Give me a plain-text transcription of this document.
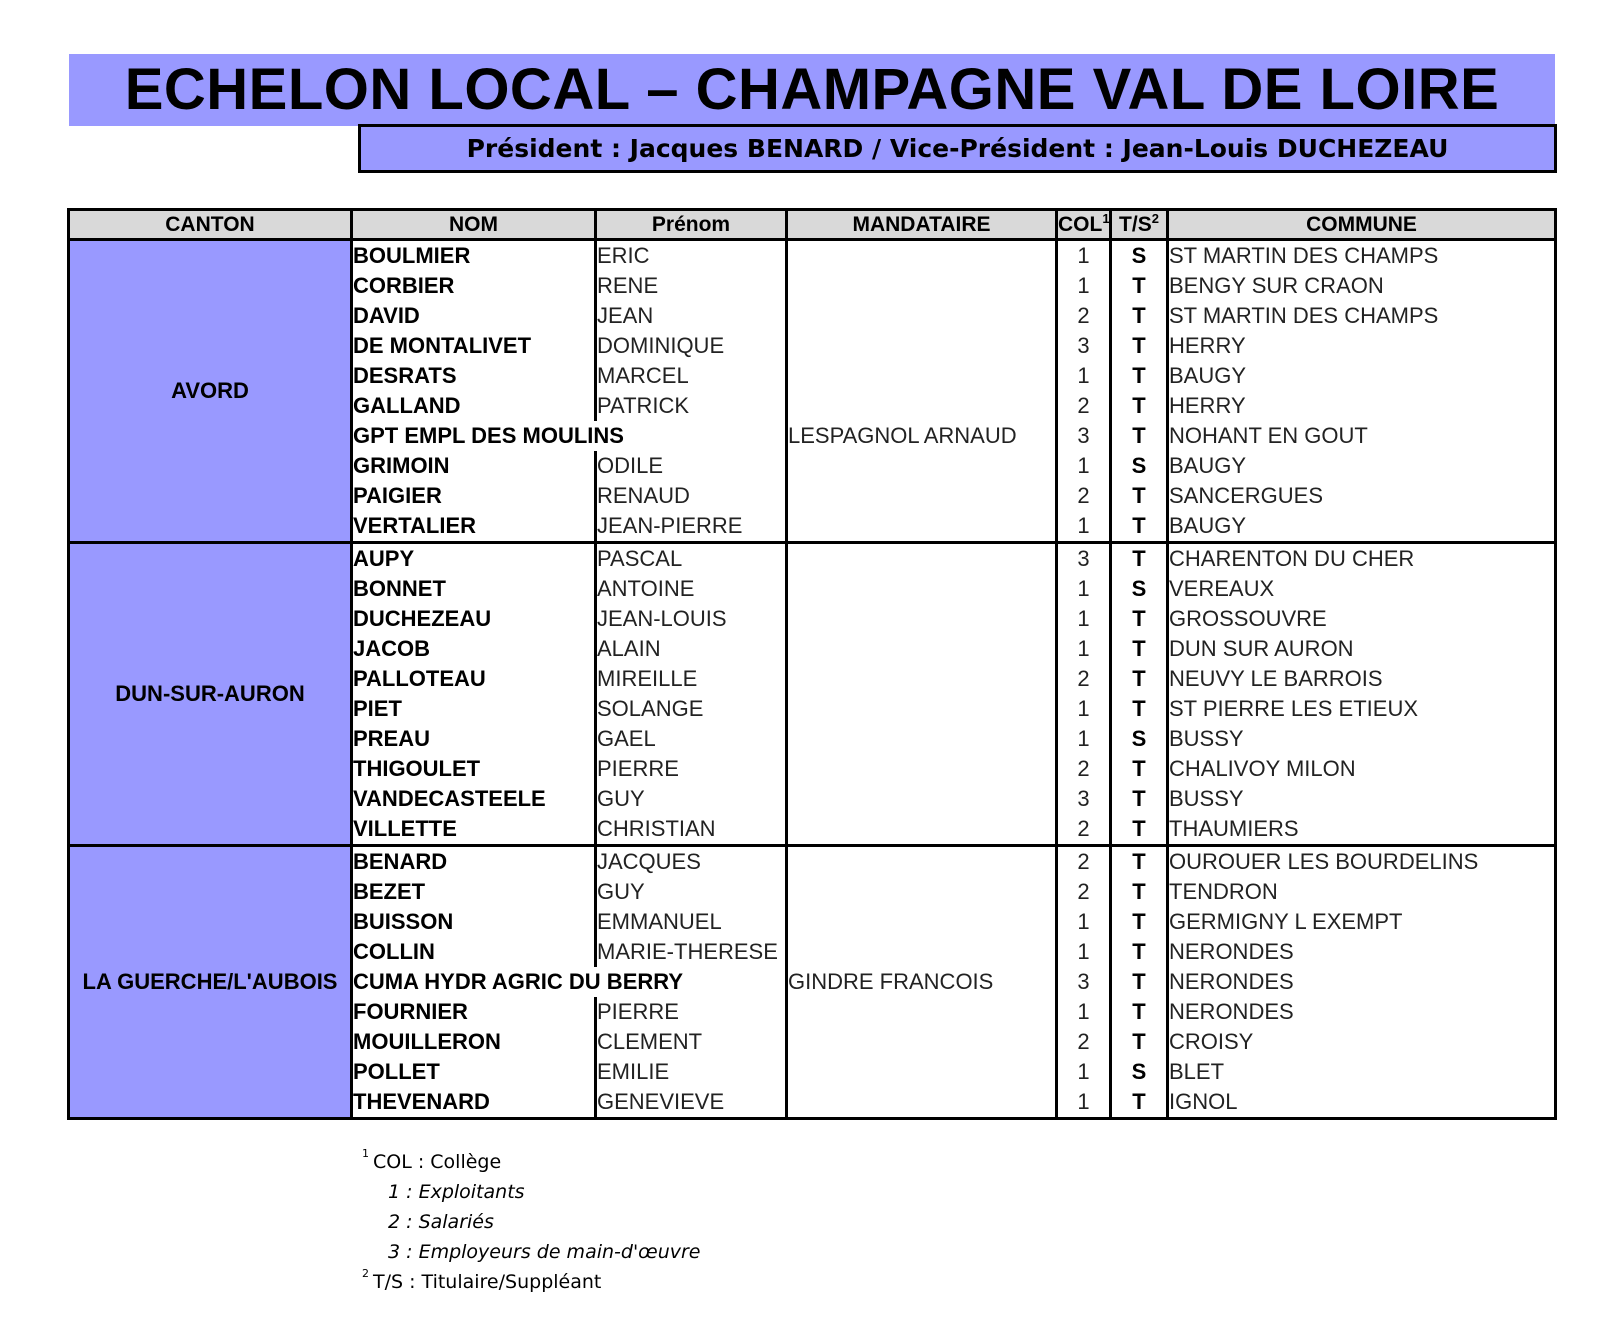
ECHELON LOCAL – CHAMPAGNE VAL DE LOIRE
Président : Jacques BENARD / Vice-Président : Jean-Louis DUCHEZEAU
CANTON	NOM	Prénom	MANDATAIRE	COL$^1$	$T/S^2$	COMMUNE
AVORD	BOULMIER	ERIC		1	S	ST MARTIN DES CHAMPS
	CORBIER	RENE		1	T	BENGY SUR CRAON
	DAVID	JEAN		2	T	ST MARTIN DES CHAMPS
	DE MONTALIVET	DOMINIQUE		3	T	HERRY
	DESRATS	MARCEL		1	T	BAUGY
	GALLAND	PATRICK		2	T	HERRY
	GPT EMPL DES MOULINS		LESPAGNOL ARNAUD	3	T	NOHANT EN GOUT
	GRIMOIN	ODILE		1	S	BAUGY
	PAIGIER	RENAUD		2	T	SANCERGUES
	VERTALIER	JEAN-PIERRE		1	T	BAUGY
DUN-SUR-AURON	AUPY	PASCAL		3	T	CHARENTON DU CHER
	BONNET	ANTOINE		1	S	VEREAUX
	DUCHEZEAU	JEAN-LOUIS		1	T	GROSSOUVRE
	JACOB	ALAIN		1	T	DUN SUR AURON
	PALLOTEAU	MIREILLE		2	T	NEUVY LE BARROIS
	PIET	SOLANGE		1	T	ST PIERRE LES ETIEUX
	PREAU	GAEL		1	S	BUSSY
	THIGOULET	PIERRE		2	T	CHALIVOY MILON
	VANDECASTEELE	GUY		3	T	BUSSY
	VILLETTE	CHRISTIAN		2	T	THAUMIERS
LA GUERCHE/L'AUBOIS	BENARD	JACQUES		2	T	OUROUER LES BOURDELINS
	BEZET	GUY		2	T	TENDRON
	BUISSON	EMMANUEL		1	T	GERMIGNY L EXEMPT
	COLLIN	MARIE-THERESE		1	T	NERONDES
	CUMA HYDR AGRIC DU BERRY		GINDRE FRANCOIS	3	T	NERONDES
	FOURNIER	PIERRE		1	T	NERONDES
	MOUILLERON	CLEMENT		2	T	CROISY
	POLLET	EMILIE		1	S	BLET
	THEVENARD	GENEVIEVE		1	T	IGNOL
$^1$ COL : Collège
1 : Exploitants
2 : Salariés
3 : Employeurs de main-d'œuvre
$^2$ T/S : Titulaire/Suppléant
